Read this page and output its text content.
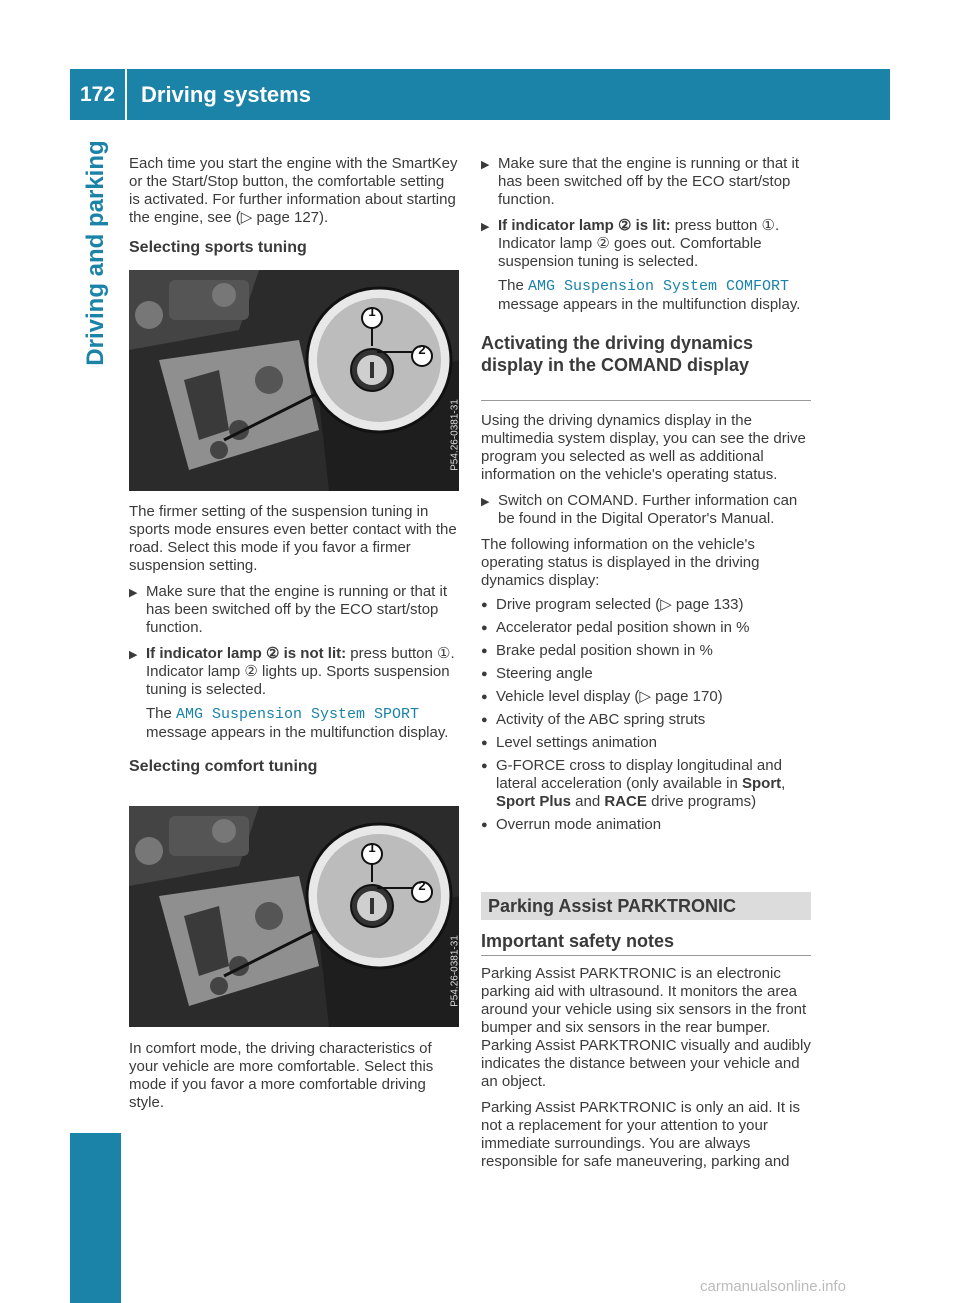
172	Driving systems
Driving and parking Each time you start the engine with the SmartKey or the Start/Stop button, the comfortable setting is activated. For further information about starting the engine, see (▷ page 127).

Selecting sports tuning

1
2
P54.26-0381-31

The firmer setting of the suspension tuning in sports mode ensures even better contact with the road. Select this mode if you favor a firmer suspension setting.

▶ Make sure that the engine is running or that it has been switched off by the ECO start/stop function.

▶ If indicator lamp ② is not lit: press button ①.
Indicator lamp ② lights up. Sports suspension tuning is selected.

The AMG Suspension System SPORT message appears in the multifunction display.

Selecting comfort tuning

1
2
P54.26-0381-31

In comfort mode, the driving characteristics of your vehicle are more comfortable. Select this mode if you favor a more comfortable driving style.

▶ Make sure that the engine is running or that it has been switched off by the ECO start/stop function.

▶ If indicator lamp ② is lit: press button ①.
Indicator lamp ② goes out. Comfortable suspension tuning is selected.

The AMG Suspension System COMFORT message appears in the multifunction display.

Activating the driving dynamics display in the COMAND display

Using the driving dynamics display in the multimedia system display, you can see the drive program you selected as well as additional information on the vehicle's operating status.

▶ Switch on COMAND. Further information can be found in the Digital Operator's Manual.

The following information on the vehicle's operating status is displayed in the driving dynamics display:

● Drive program selected (▷ page 133)

● Accelerator pedal position shown in %

● Brake pedal position shown in %

● Steering angle

● Vehicle level display (▷ page 170)

● Activity of the ABC spring struts

● Level settings animation

● G-FORCE cross to display longitudinal and lateral acceleration (only available in Sport, Sport Plus and RACE drive programs)

● Overrun mode animation

Parking Assist PARKTRONIC
Important safety notes

Parking Assist PARKTRONIC is an electronic parking aid with ultrasound. It monitors the area around your vehicle using six sensors in the front bumper and six sensors in the rear bumper. Parking Assist PARKTRONIC visually and audibly indicates the distance between your vehicle and an object.

Parking Assist PARKTRONIC is only an aid. It is not a replacement for your attention to your immediate surroundings. You are always responsible for safe maneuvering, parking and

carmanualsonline.info
